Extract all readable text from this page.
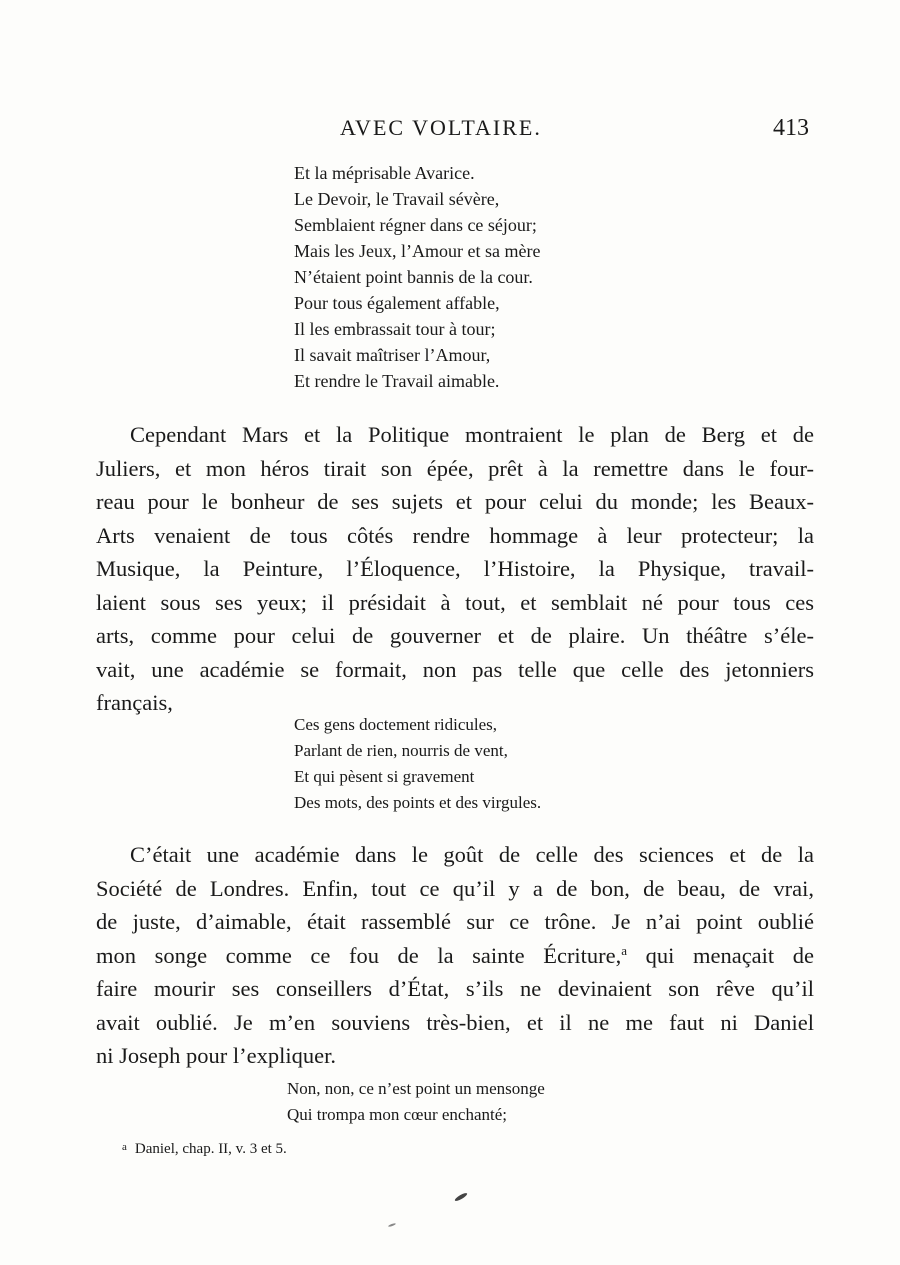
AVEC VOLTAIRE.	413
Et la méprisable Avarice.
Le Devoir, le Travail sévère,
Semblaient régner dans ce séjour;
Mais les Jeux, l’Amour et sa mère
N’étaient point bannis de la cour.
Pour tous également affable,
Il les embrassait tour à tour;
Il savait maîtriser l’Amour,
Et rendre le Travail aimable.
Cependant Mars et la Politique montraient le plan de Berg et de
Juliers, et mon héros tirait son épée, prêt à la remettre dans le four-
reau pour le bonheur de ses sujets et pour celui du monde; les Beaux-
Arts venaient de tous côtés rendre hommage à leur protecteur; la
Musique, la Peinture, l’Éloquence, l’Histoire, la Physique, travail-
laient sous ses yeux; il présidait à tout, et semblait né pour tous ces
arts, comme pour celui de gouverner et de plaire. Un théâtre s’éle-
vait, une académie se formait, non pas telle que celle des jetonniers
français,
Ces gens doctement ridicules,
Parlant de rien, nourris de vent,
Et qui pèsent si gravement
Des mots, des points et des virgules.
C’était une académie dans le goût de celle des sciences et de la
Société de Londres. Enfin, tout ce qu’il y a de bon, de beau, de vrai,
de juste, d’aimable, était rassemblé sur ce trône. Je n’ai point oublié
mon songe comme ce fou de la sainte Écriture,$^a$ qui menaçait de
faire mourir ses conseillers d’État, s’ils ne devinaient son rêve qu’il
avait oublié. Je m’en souviens très-bien, et il ne me faut ni Daniel
ni Joseph pour l’expliquer.
Non, non, ce n’est point un mensonge
Qui trompa mon cœur enchanté;
$^a$ Daniel, chap. II, v. 3 et 5.
